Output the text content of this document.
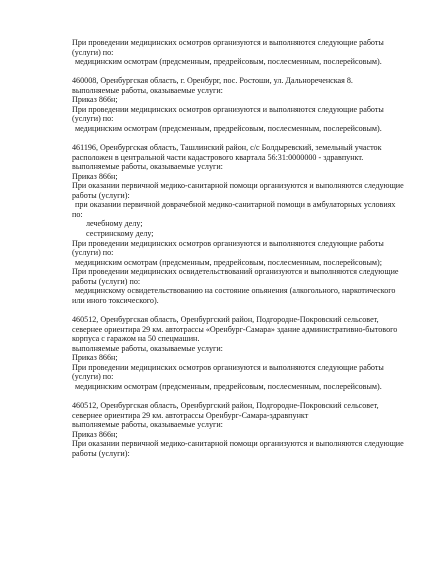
При проведении медицинских осмотров организуются и выполняются следующие работы
(услуги) по:
медицинским осмотрам (предсменным, предрейсовым, послесменным, послерейсовым).
460008, Оренбургская область, г. Оренбург, пос. Ростоши, ул. Дальнореченская 8.
выполняемые работы, оказываемые услуги:
Приказ 866н;
При проведении медицинских осмотров организуются и выполняются следующие работы
(услуги) по:
медицинским осмотрам (предсменным, предрейсовым, послесменным, послерейсовым).
461196, Оренбургская область, Ташлинский район, с/с Болдыревский, земельный участок
расположен в центральной части кадастрового квартала 56:31:0000000 - здравпункт.
выполняемые работы, оказываемые услуги:
Приказ 866н;
При оказании первичной медико-санитарной помощи организуются и выполняются следующие
работы (услуги):
при оказании первичной доврачебной медико-санитарной помощи в амбулаторных условиях
по:
лечебному делу;
сестринскому делу;
При проведении медицинских осмотров организуются и выполняются следующие работы
(услуги) по:
медицинским осмотрам (предсменным, предрейсовым, послесменным, послерейсовым);
При проведении медицинских освидетельствований организуются и выполняются следующие
работы (услуги) по:
медицинскому освидетельствованию на состояние опьянения (алкогольного, наркотического
или иного токсического).
460512, Оренбургская область, Оренбургский район, Подгородне-Покровский сельсовет,
севернее ориентира 29 км. автотрассы «Оренбург-Самара» здание административно-бытового
корпуса с гаражом на 50 спецмашин.
выполняемые работы, оказываемые услуги:
Приказ 866н;
При проведении медицинских осмотров организуются и выполняются следующие работы
(услуги) по:
медицинским осмотрам (предсменным, предрейсовым, послесменным, послерейсовым).
460512, Оренбургская область, Оренбургский район, Подгородне-Покровский сельсовет,
севернее ориентира 29 км. автотрассы Оренбург-Самара-здравпункт
выполняемые работы, оказываемые услуги:
Приказ 866н;
При оказании первичной медико-санитарной помощи организуются и выполняются следующие
работы (услуги):
